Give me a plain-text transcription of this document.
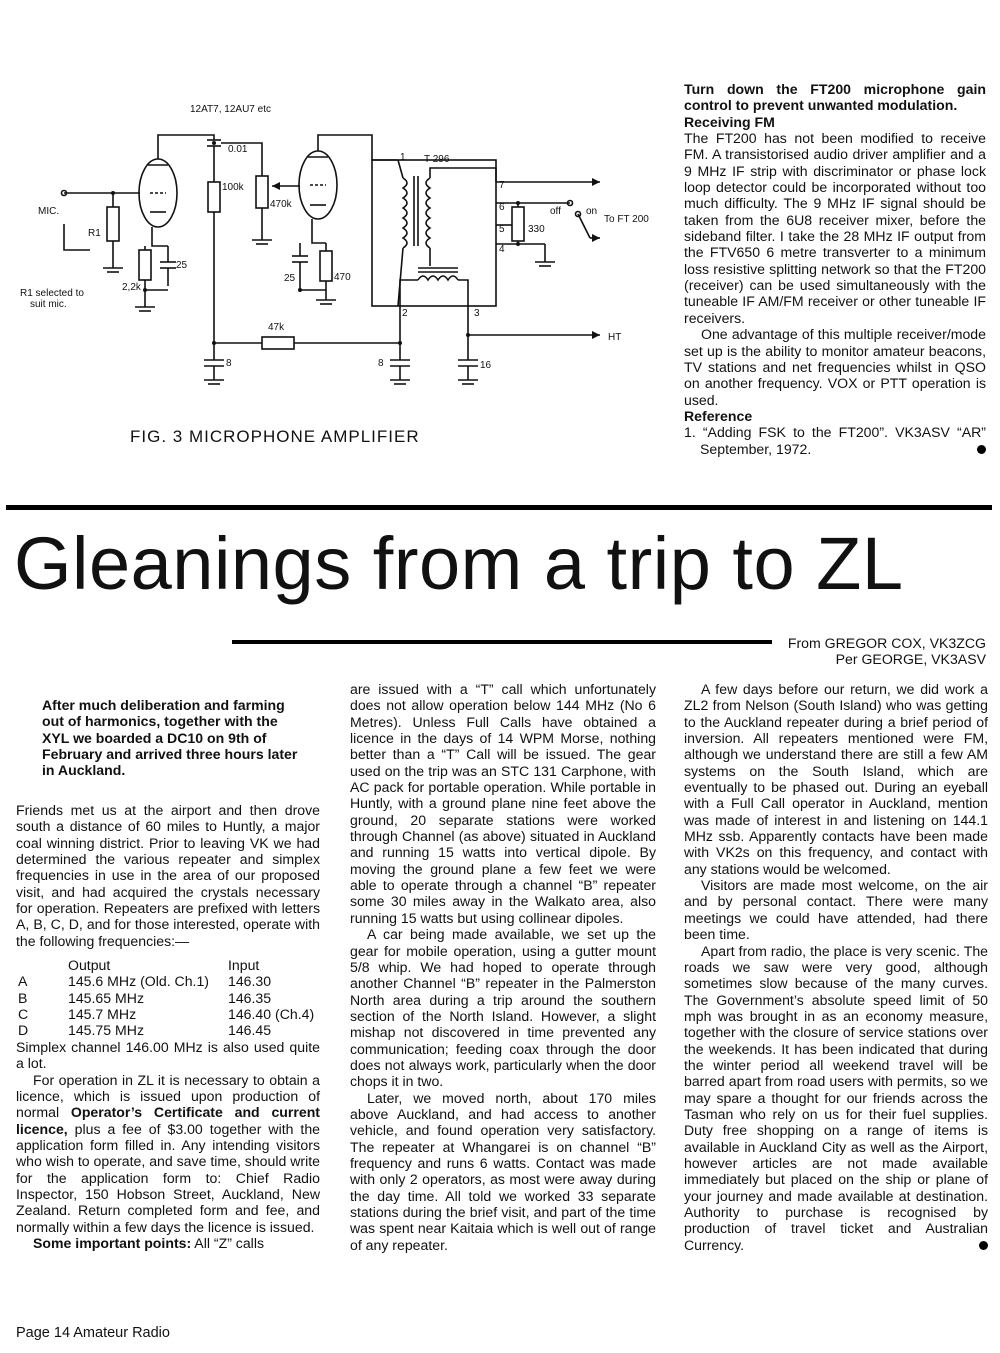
12AT7, 12AU7 etc
MIC.
R1
R1 selected to
suit mic.
0.01
100k
470k
2,2k
25
25	470
47k
8	8	16
T 296
1
2	3
4
5
6
7
330
off	on
To FT 200
HT
FIG. 3 MICROPHONE AMPLIFIER

Turn down the FT200 microphone gain control to prevent unwanted modulation.

Receiving FM

The FT200 has not been modified to receive FM. A transistorised audio driver amplifier and a 9 MHz IF strip with discriminator or phase lock loop detector could be incorporated without too much difficulty. The 9 MHz IF signal should be taken from the 6U8 receiver mixer, before the sideband filter. I take the 28 MHz IF output from the FTV650 6 metre transverter to a minimum loss resistive splitting network so that the FT200 (receiver) can be used simultaneously with the tuneable IF AM/FM receiver or other tuneable IF receivers.

One advantage of this multiple receiver/mode set up is the ability to monitor amateur beacons, TV stations and net frequencies whilst in QSO on another frequency. VOX or PTT operation is used.

Reference

1. “Adding FSK to the FT200”. VK3ASV “AR” September, 1972.

Gleanings from a trip to ZL
From GREGOR COX, VK3ZCG
Per GEORGE, VK3ASV

After much deliberation and farming out of harmonics, together with the XYL we boarded a DC10 on 9th of February and arrived three hours later in Auckland.

Friends met us at the airport and then drove south a distance of 60 miles to Huntly, a major coal winning district. Prior to leaving VK we had determined the various repeater and simplex frequencies in use in the area of our proposed visit, and had acquired the crystals necessary for operation. Repeaters are prefixed with letters A, B, C, D, and for those interested, operate with the following frequencies:—

	Output	Input
A	145.6 MHz (Old. Ch.1)	146.30
B	145.65 MHz	146.35
C	145.7 MHz	146.40 (Ch.4)
D	145.75 MHz	146.45

Simplex channel 146.00 MHz is also used quite a lot.

For operation in ZL it is necessary to obtain a licence, which is issued upon production of normal Operator’s Certificate and current licence, plus a fee of $3.00 together with the application form filled in. Any intending visitors who wish to operate, and save time, should write for the application form to: Chief Radio Inspector, 150 Hobson Street, Auckland, New Zealand. Return completed form and fee, and normally within a few days the licence is issued.

Some important points: All “Z” calls

are issued with a “T” call which unfortunately does not allow operation below 144 MHz (No 6 Metres). Unless Full Calls have obtained a licence in the days of 14 WPM Morse, nothing better than a “T” Call will be issued. The gear used on the trip was an STC 131 Carphone, with AC pack for portable operation. While portable in Huntly, with a ground plane nine feet above the ground, 20 separate stations were worked through Channel (as above) situated in Auckland and running 15 watts into vertical dipole. By moving the ground plane a few feet we were able to operate through a channel “B” repeater some 30 miles away in the Walkato area, also running 15 watts but using collinear dipoles.

A car being made available, we set up the gear for mobile operation, using a gutter mount 5/8 whip. We had hoped to operate through another Channel “B” repeater in the Palmerston North area during a trip around the southern section of the North Island. However, a slight mishap not discovered in time prevented any communication; feeding coax through the door does not always work, particularly when the door chops it in two.

Later, we moved north, about 170 miles above Auckland, and had access to another vehicle, and found operation very satisfactory. The repeater at Whangarei is on channel “B” frequency and runs 6 watts. Contact was made with only 2 operators, as most were away during the day time. All told we worked 33 separate stations during the brief visit, and part of the time was spent near Kaitaia which is well out of range of any repeater.

A few days before our return, we did work a ZL2 from Nelson (South Island) who was getting to the Auckland repeater during a brief period of inversion. All repeaters mentioned were FM, although we understand there are still a few AM systems on the South Island, which are eventually to be phased out. During an eyeball with a Full Call operator in Auckland, mention was made of interest in and listening on 144.1 MHz ssb. Apparently contacts have been made with VK2s on this frequency, and contact with any stations would be welcomed.

Visitors are made most welcome, on the air and by personal contact. There were many meetings we could have attended, had there been time.

Apart from radio, the place is very scenic. The roads we saw were very good, although sometimes slow because of the many curves. The Government’s absolute speed limit of 50 mph was brought in as an economy measure, together with the closure of service stations over the weekends. It has been indicated that during the winter period all weekend travel will be barred apart from road users with permits, so we may spare a thought for our friends across the Tasman who rely on us for their fuel supplies. Duty free shopping on a range of items is available in Auckland City as well as the Airport, however articles are not made available immediately but placed on the ship or plane of your journey and made available at destination. Authority to purchase is recognised by production of travel ticket and Australian Currency.

Page 14 Amateur Radio
